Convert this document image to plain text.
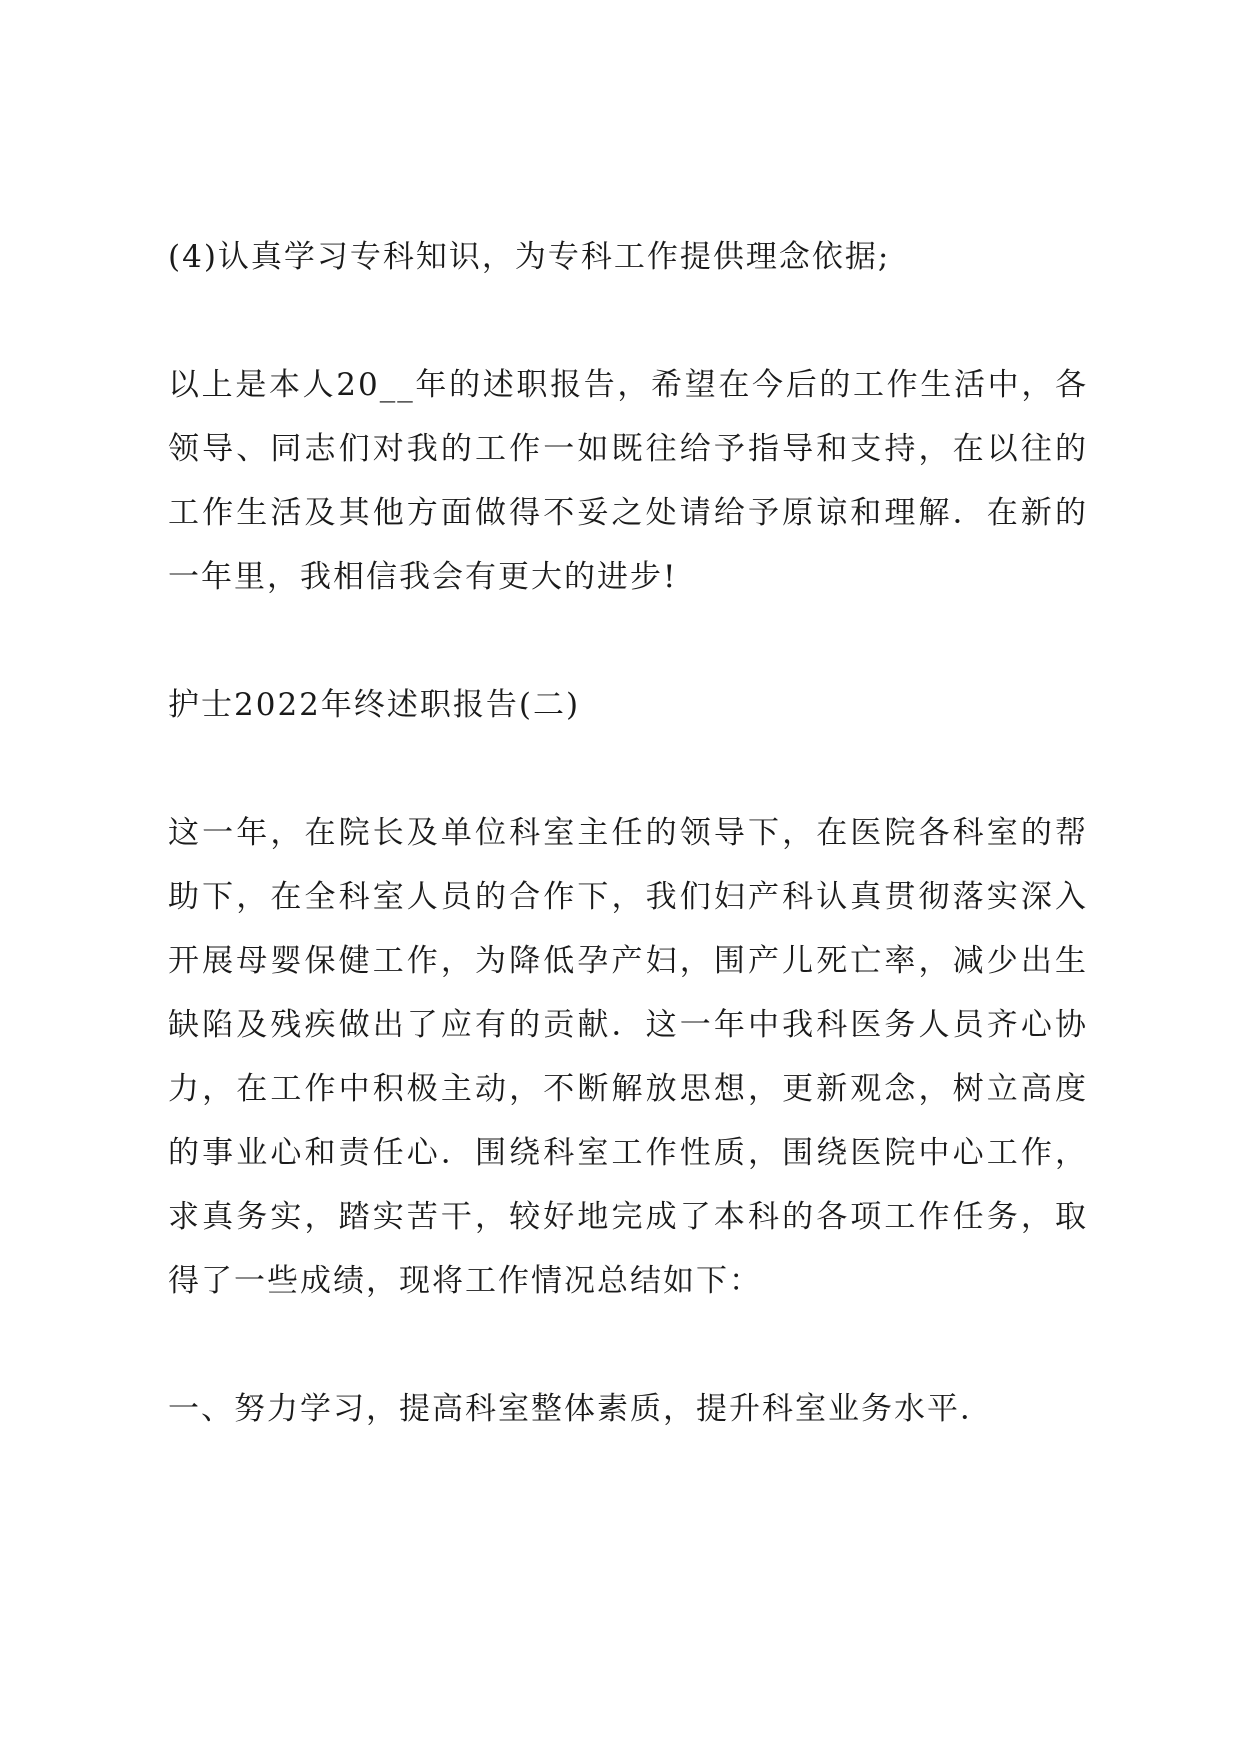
(4)认真学习专科知识，为专科工作提供理念依据;

以上是本人20__年的述职报告，希望在今后的工作生活中，各领导、同志们对我的工作一如既往给予指导和支持，在以往的工作生活及其他方面做得不妥之处请给予原谅和理解．在新的一年里，我相信我会有更大的进步!

护士2022年终述职报告(二)

这一年，在院长及单位科室主任的领导下，在医院各科室的帮助下，在全科室人员的合作下，我们妇产科认真贯彻落实深入开展母婴保健工作，为降低孕产妇，围产儿死亡率，减少出生缺陷及残疾做出了应有的贡献．这一年中我科医务人员齐心协力，在工作中积极主动，不断解放思想，更新观念，树立高度的事业心和责任心．围绕科室工作性质，围绕医院中心工作，求真务实，踏实苦干，较好地完成了本科的各项工作任务，取得了一些成绩，现将工作情况总结如下：

一、努力学习，提高科室整体素质，提升科室业务水平．
